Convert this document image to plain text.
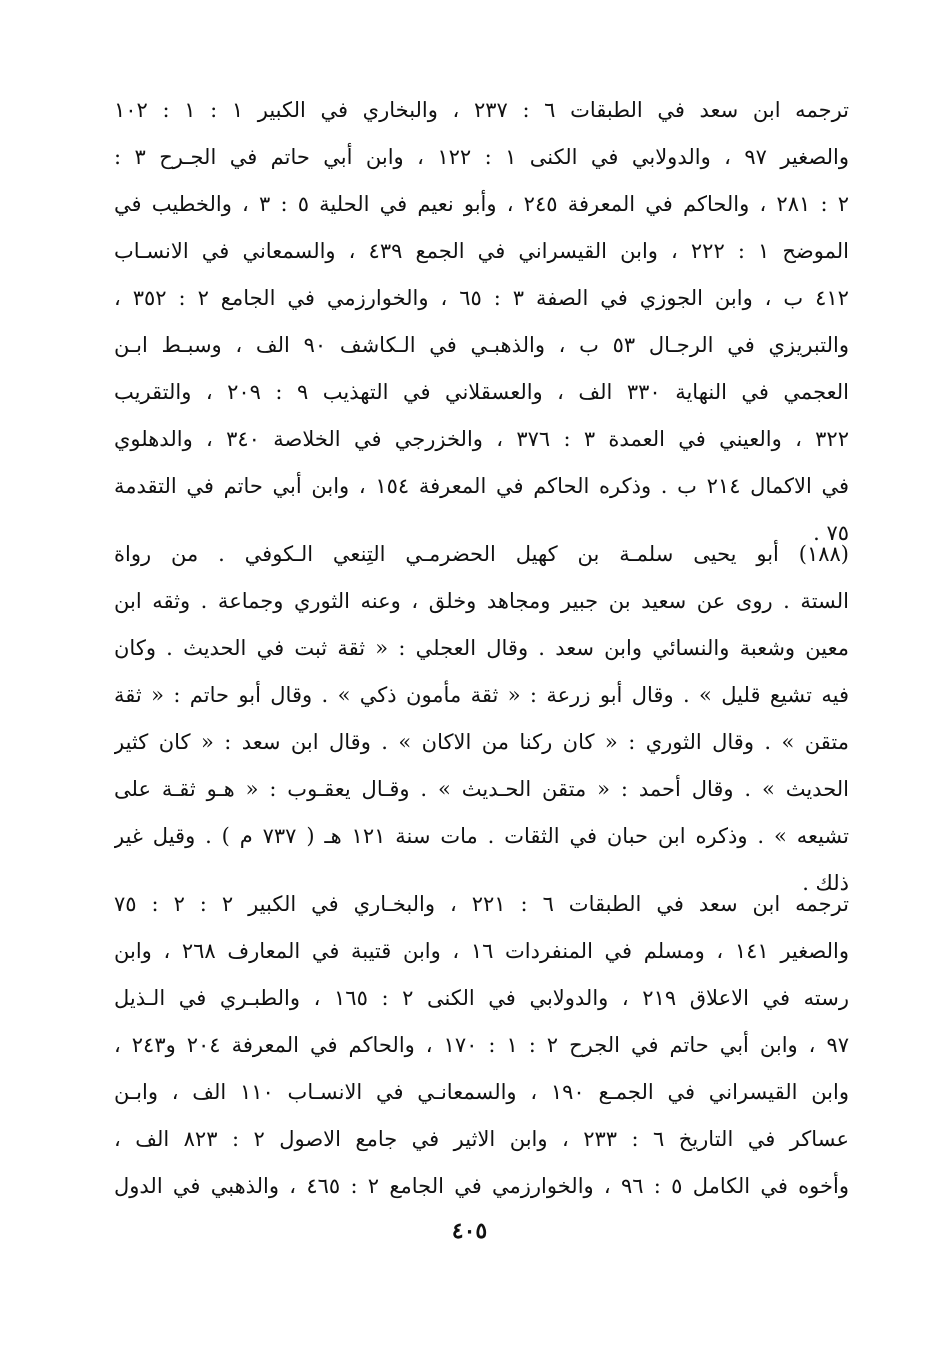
ترجمه ابن سعد في الطبقات ٦ : ٢٣٧ ، والبخاري في الكبير ١ : ١ : ١٠٢
والصغير ٩٧ ، والدولابي في الكنى ١ : ١٢٢ ، وابن أبي حاتم في الجـرح ٣ :
٢ : ٢٨١ ، والحاكم في المعرفة ٢٤٥ ، وأبو نعيم في الحلية ٥ : ٣ ، والخطيب في
الموضح ١ : ٢٢٢ ، وابن القيسراني في الجمع ٤٣٩ ، والسمعاني في الانسـاب
٤١٢ ب ، وابن الجوزي في الصفة ٣ : ٦٥ ، والخوارزمي في الجامع ٢ : ٣٥٢ ،
والتبريزي في الرجـال ٥٣ ب ، والذهبـي في الـكاشف ٩٠ الف ، وسبـط ابـن
العجمي في النهاية ٣٣٠ الف ، والعسقلاني في التهذيب ٩ : ٢٠٩ ، والتقريب
٣٢٢ ، والعيني في العمدة ٣ : ٣٧٦ ، والخزرجي في الخلاصة ٣٤٠ ، والدهلوي
في الاكمال ٢١٤ ب . وذكره الحاكم في المعرفة ١٥٤ ، وابن أبي حاتم في التقدمة
٧٥ .
(١٨٨) أبو يحيى سلمـة بن كهيل الحضرمـي التِنعي الـكوفي . من رواة
الستة . روى عن سعيد بن جبير ومجاهد وخلق ، وعنه الثوري وجماعة . وثقه ابن
معين وشعبة والنسائي وابن سعد . وقال العجلي : « ثقة ثبت في الحديث . وكان
فيه تشيع قليل » . وقال أبو زرعة : « ثقة مأمون ذكي » . وقال أبو حاتم : « ثقة
متقن » . وقال الثوري : « كان ركنا من الاكان » . وقال ابن سعد : « كان كثير
الحديث » . وقال أحمد : « متقن الحـديث » . وقـال يعقـوب : « هـو ثقـة على
تشيعه » . وذكره ابن حبان في الثقات . مات سنة ١٢١ هـ ( ٧٣٧ م ) . وقيل غير
ذلك .
ترجمه ابن سعد في الطبقات ٦ : ٢٢١ ، والبخـاري في الكبير ٢ : ٢ : ٧٥
والصغير ١٤١ ، ومسلم في المنفردات ١٦ ، وابن قتيبة في المعارف ٢٦٨ ، وابن
رسته في الاعلاق ٢١٩ ، والدولابي في الكنى ٢ : ١٦٥ ، والطبـري في الـذيل
٩٧ ، وابن أبي حاتم في الجرح ٢ : ١ : ١٧٠ ، والحاكم في المعرفة ٢٠٤ و٢٤٣ ،
وابن القيسراني في الجمـع ١٩٠ ، والسمعانـي في الانسـاب ١١٠ الف ، وابـن
عساكر في التاريخ ٦ : ٢٣٣ ، وابن الاثير في جامع الاصول ٢ : ٨٢٣ الف ،
وأخوه في الكامل ٥ : ٩٦ ، والخوارزمي في الجامع ٢ : ٤٦٥ ، والذهبي في الدول
٤٠٥
